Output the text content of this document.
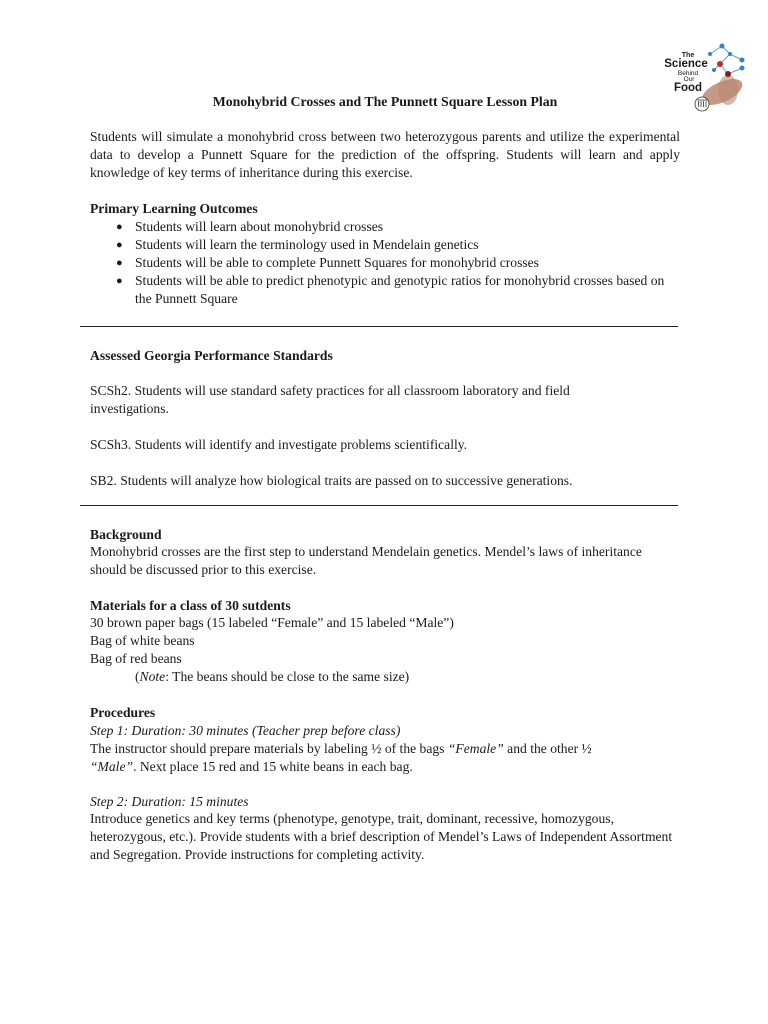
The
Science
Behind
Our
Food
Monohybrid Crosses and The Punnett Square Lesson Plan
Students will simulate a monohybrid cross between two heterozygous parents and utilize the experimental data to develop a Punnett Square for the prediction of the offspring. Students will learn and apply knowledge of key terms of inheritance during this exercise.
Primary Learning Outcomes
● Students will learn about monohybrid crosses
● Students will learn the terminology used in Mendelain genetics
● Students will be able to complete Punnett Squares for monohybrid crosses
● Students will be able to predict phenotypic and genotypic ratios for monohybrid crosses based on the Punnett Square
Assessed Georgia Performance Standards
SCSh2. Students will use standard safety practices for all classroom laboratory and field investigations.
SCSh3. Students will identify and investigate problems scientifically.
SB2. Students will analyze how biological traits are passed on to successive generations.
Background
Monohybrid crosses are the first step to understand Mendelain genetics. Mendel’s laws of inheritance should be discussed prior to this exercise.
Materials for a class of 30 sutdents
30 brown paper bags (15 labeled “Female” and 15 labeled “Male”)
Bag of white beans
Bag of red beans
(Note: The beans should be close to the same size)
Procedures
Step 1: Duration: 30 minutes (Teacher prep before class)
The instructor should prepare materials by labeling ½ of the bags “Female” and the other ½
“Male”. Next place 15 red and 15 white beans in each bag.
Step 2: Duration: 15 minutes
Introduce genetics and key terms (phenotype, genotype, trait, dominant, recessive, homozygous, heterozygous, etc.). Provide students with a brief description of Mendel’s Laws of Independent Assortment and Segregation. Provide instructions for completing activity.
